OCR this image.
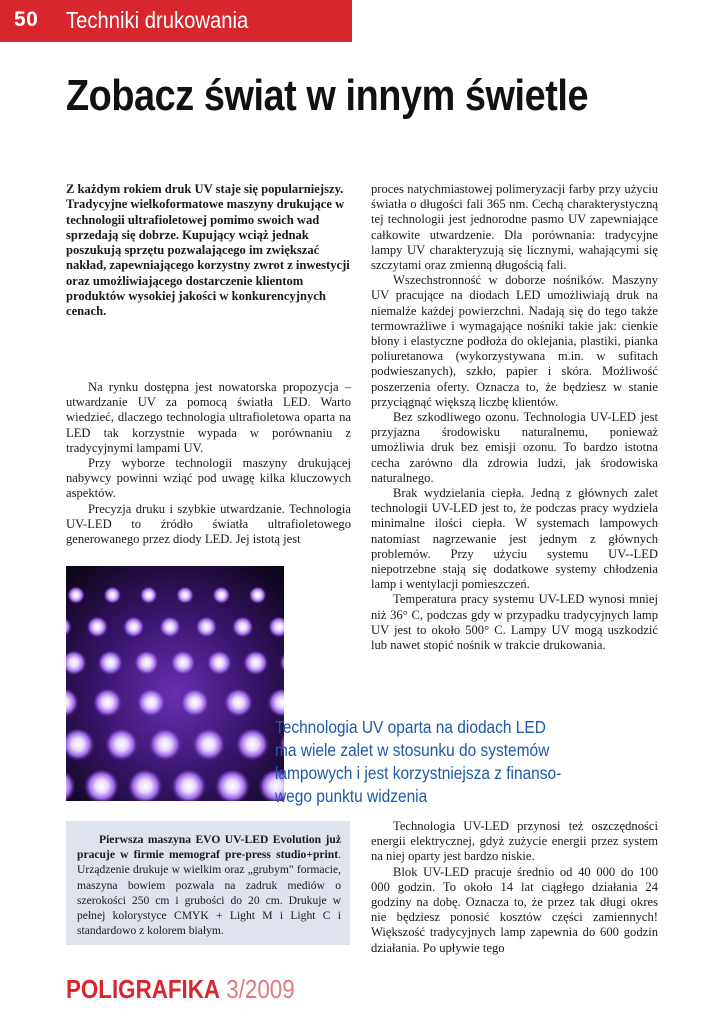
50 Techniki drukowania
Zobacz świat w innym świetle
Z każdym rokiem druk UV staje się popularniejszy. Tradycyjne wielkoformatowe maszyny drukujące w technologii ultrafioletowej pomimo swoich wad sprzedają się dobrze. Kupujący wciąż jednak poszukują sprzętu pozwalającego im zwiększać nakład, zapewniającego korzystny zwrot z inwestycji oraz umożliwiającego dostarczenie klientom produktów wysokiej jakości w konkurencyjnych cenach.

Na rynku dostępna jest nowatorska propozycja – utwardzanie UV za pomocą światła LED. Warto wiedzieć, dlaczego technologia ultrafioletowa oparta na LED tak korzystnie wypada w porównaniu z tradycyjnymi lampami UV.

Przy wyborze technologii maszyny drukującej nabywcy powinni wziąć pod uwagę kilka kluczowych aspektów.

Precyzja druku i szybkie utwardzanie. Technologia UV-LED to źródło światła ultrafioletowego generowanego przez diody LED. Jej istotą jest

proces natychmiastowej polimeryzacji farby przy użyciu światła o długości fali 365 nm. Cechą charakterystyczną tej technologii jest jednorodne pasmo UV zapewniające całkowite utwardzenie. Dla porównania: tradycyjne lampy UV charakteryzują się licznymi, wahającymi się szczytami oraz zmienną długością fali.

Wszechstronność w doborze nośników. Maszyny UV pracujące na diodach LED umożliwiają druk na niemalże każdej powierzchni. Nadają się do tego także termowrażliwe i wymagające nośniki takie jak: cienkie błony i elastyczne podłoża do oklejania, plastiki, pianka poliuretanowa (wykorzystywana m.in. w sufitach podwieszanych), szkło, papier i skóra. Możliwość poszerzenia oferty. Oznacza to, że będziesz w stanie przyciągnąć większą liczbę klientów.

Bez szkodliwego ozonu. Technologia UV-LED jest przyjazna środowisku naturalnemu, ponieważ umożliwia druk bez emisji ozonu. To bardzo istotna cecha zarówno dla zdrowia ludzi, jak środowiska naturalnego.

Brak wydzielania ciepła. Jedną z głównych zalet technologii UV-LED jest to, że podczas pracy wydziela minimalne ilości ciepła. W systemach lampowych natomiast nagrzewanie jest jednym z głównych problemów. Przy użyciu systemu UV--LED niepotrzebne stają się dodatkowe systemy chłodzenia lamp i wentylacji pomieszczeń.

Temperatura pracy systemu UV-LED wynosi mniej niż 36° C, podczas gdy w przypadku tradycyjnych lamp UV jest to około 500° C. Lampy UV mogą uszkodzić lub nawet stopić nośnik w trakcie drukowania.

Technologia UV oparta na diodach LED
ma wiele zalet w stosunku do systemów
lampowych i jest korzystniejsza z finanso-
wego punktu widzenia

Pierwsza maszyna EVO UV-LED Evolution już pracuje w firmie memograf pre-press studio+print. Urządzenie drukuje w wielkim oraz „grubym" formacie, maszyna bowiem pozwala na zadruk mediów o szerokości 250 cm i grubości do 20 cm. Drukuje w pełnej kolorystyce CMYK + Light M i Light C i standardowo z kolorem białym.

Technologia UV-LED przynosi też oszczędności energii elektrycznej, gdyż zużycie energii przez system na niej oparty jest bardzo niskie.

Blok UV-LED pracuje średnio od 40 000 do 100 000 godzin. To około 14 lat ciągłego działania 24 godziny na dobę. Oznacza to, że przez tak długi okres nie będziesz ponosić kosztów części zamiennych! Większość tradycyjnych lamp zapewnia do 600 godzin działania. Po upływie tego

POLIGRAFIKA 3/2009
